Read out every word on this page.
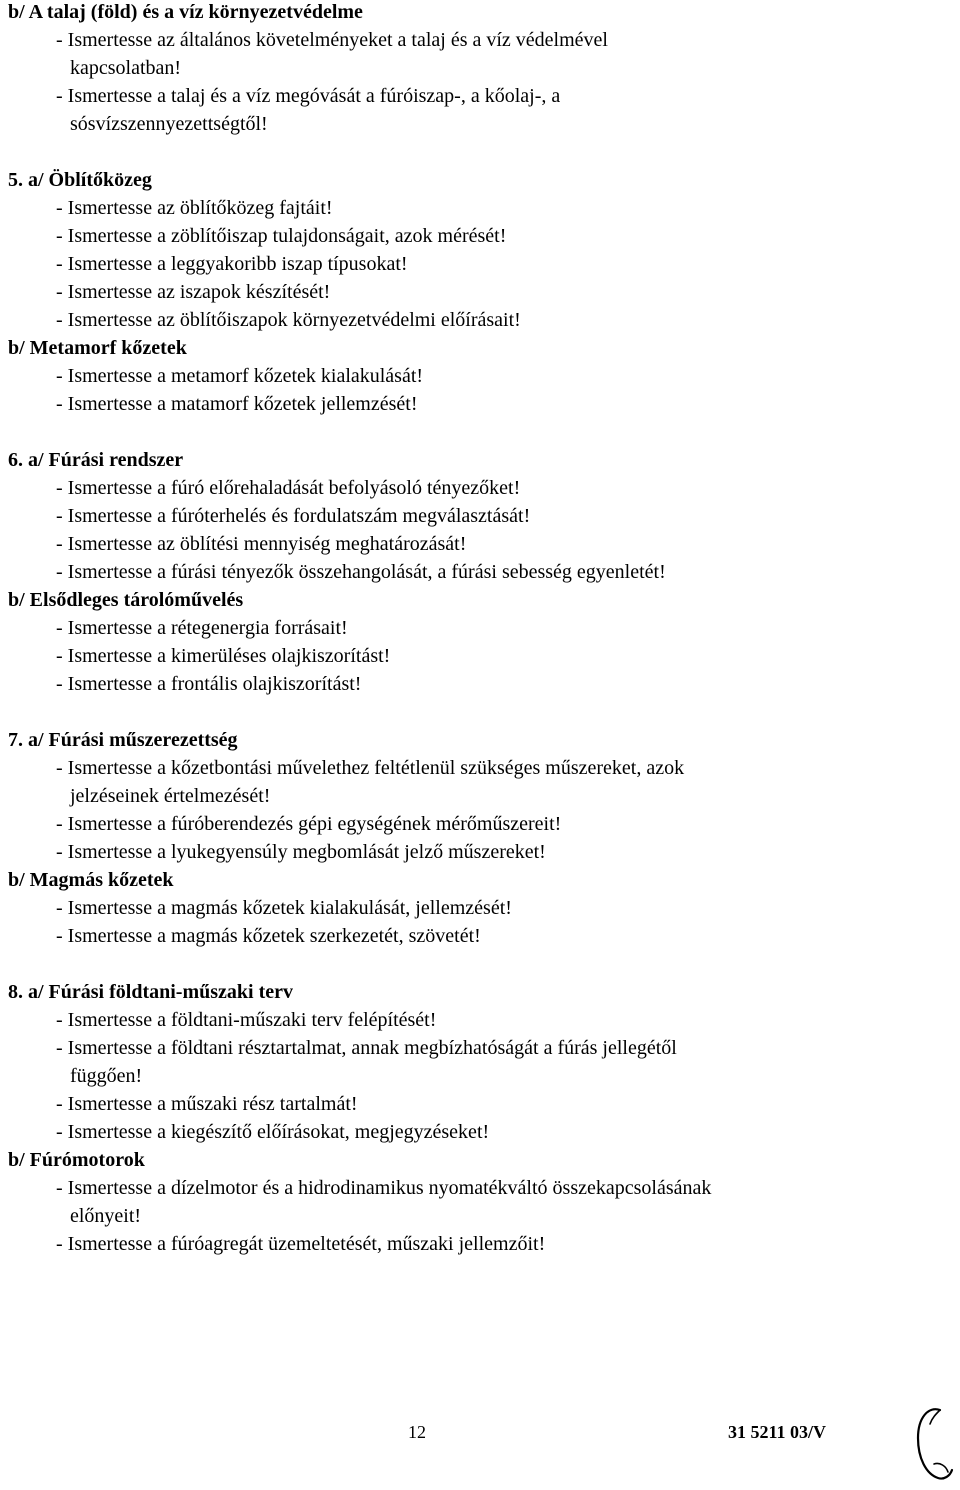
b/ A talaj (föld) és a víz környezetvédelme
- Ismertesse az általános követelményeket a talaj és a víz védelmével
kapcsolatban!
- Ismertesse a talaj és a víz megóvását a fúróiszap-, a kőolaj-, a
sósvízszennyezettségtől!
5. a/ Öblítőközeg
- Ismertesse az öblítőközeg fajtáit!
- Ismertesse a zöblítőiszap tulajdonságait, azok mérését!
- Ismertesse a leggyakoribb iszap típusokat!
- Ismertesse az iszapok készítését!
- Ismertesse az öblítőiszapok környezetvédelmi előírásait!
b/ Metamorf kőzetek
- Ismertesse a metamorf kőzetek kialakulását!
- Ismertesse a matamorf kőzetek jellemzését!
6. a/ Fúrási rendszer
- Ismertesse a fúró előrehaladását befolyásoló tényezőket!
- Ismertesse a fúróterhelés és fordulatszám megválasztását!
- Ismertesse az öblítési mennyiség meghatározását!
- Ismertesse a fúrási tényezők összehangolását, a fúrási sebesség egyenletét!
b/ Elsődleges tárolóművelés
- Ismertesse a rétegenergia forrásait!
- Ismertesse a kimerüléses olajkiszorítást!
- Ismertesse a frontális olajkiszorítást!
7. a/ Fúrási műszerezettség
- Ismertesse a kőzetbontási művelethez feltétlenül szükséges műszereket, azok
jelzéseinek értelmezését!
- Ismertesse a fúróberendezés gépi egységének mérőműszereit!
- Ismertesse a lyukegyensúly megbomlását jelző műszereket!
b/ Magmás kőzetek
- Ismertesse a magmás kőzetek kialakulását, jellemzését!
- Ismertesse a magmás kőzetek szerkezetét, szövetét!
8. a/ Fúrási földtani-műszaki terv
- Ismertesse a földtani-műszaki terv felépítését!
- Ismertesse a földtani résztartalmat, annak megbízhatóságát a fúrás jellegétől
függően!
- Ismertesse a műszaki rész tartalmát!
- Ismertesse a kiegészítő előírásokat, megjegyzéseket!
b/ Fúrómotorok
- Ismertesse a dízelmotor és a hidrodinamikus nyomatékváltó összekapcsolásának
előnyeit!
- Ismertesse a fúróagregát üzemeltetését, műszaki jellemzőit!
12	31 5211 03/V
